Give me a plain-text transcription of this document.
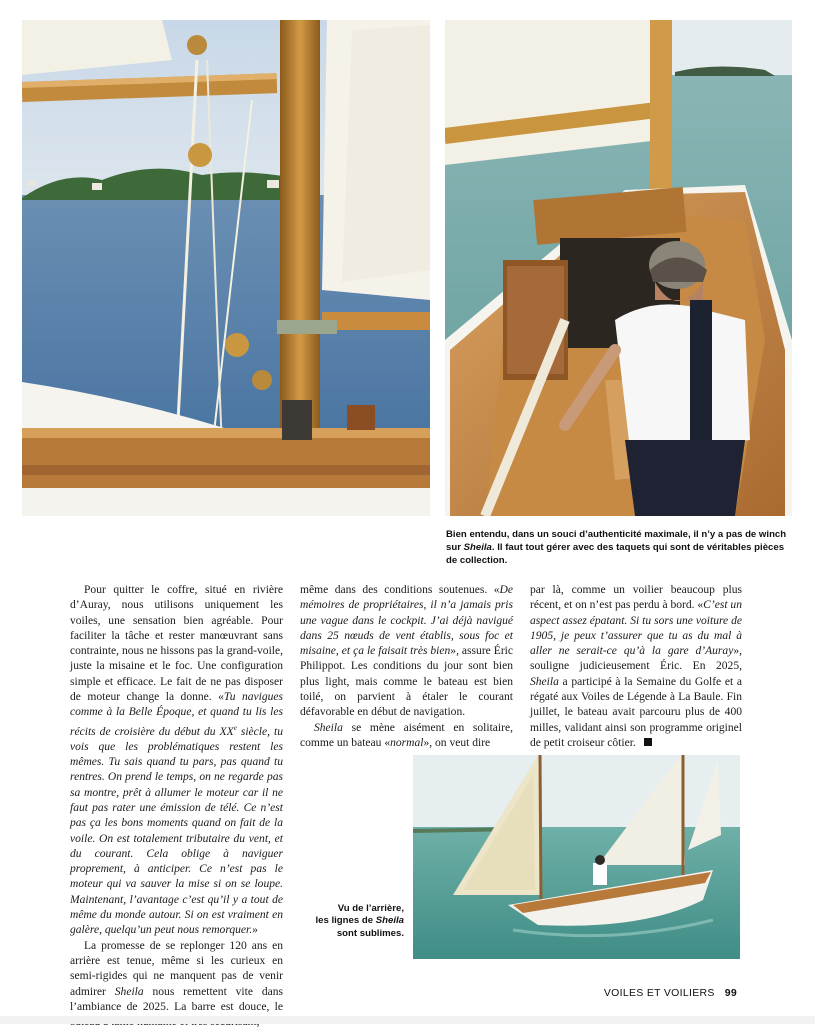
Bien entendu, dans un souci d’authenticité maximale, il n’y a pas de winch sur Sheila. Il faut tout gérer avec des taquets qui sont de véritables pièces de collection.

Pour quitter le coffre, situé en rivière d’Auray, nous utilisons uniquement les voiles, une sensation bien agréable. Pour faciliter la tâche et rester manœuvrant sans contrainte, nous ne hissons pas la grand-voile, juste la misaine et le foc. Une configuration simple et efficace. Le fait de ne pas disposer de moteur change la donne. «Tu navigues comme à la Belle Époque, et quand tu lis les récits de croisière du début du XXe siècle, tu vois que les problématiques restent les mêmes. Tu sais quand tu pars, pas quand tu rentres. On prend le temps, on ne regarde pas sa montre, prêt à allumer le moteur car il ne faut pas rater une émission de télé. Ce n’est pas ça les bons moments quand on fait de la voile. On est totalement tributaire du vent, et du courant. Cela oblige à naviguer proprement, à anticiper. Ce n’est pas le moteur qui va sauver la mise si on se loupe. Maintenant, l’avantage c’est qu’il y a tout de même du monde autour. Si on est vraiment en galère, quelqu’un peut nous remorquer.»

La promesse de se replonger 120 ans en arrière est tenue, même si les curieux en semi-rigides qui ne manquent pas de venir admirer Sheila nous remettent vite dans l’ambiance de 2025. La barre est douce, le

même dans des conditions soutenues. «De mémoires de propriétaires, il n’a jamais pris une vague dans le cockpit. J’ai déjà navigué dans 25 nœuds de vent établis, sous foc et misaine, et ça le faisait très bien», assure Éric Philippot. Les conditions du jour sont bien plus light, mais comme le bateau est bien toilé, on parvient à étaler le courant défavorable en début de navigation.

Sheila se mène aisément en solitaire, comme un bateau «normal», on veut dire

par là, comme un voilier beaucoup plus récent, et on n’est pas perdu à bord. «C’est un aspect assez épatant. Si tu sors une voiture de 1905, je peux t’assurer que tu as du mal à aller ne serait-ce qu’à la gare d’Auray», souligne judicieusement Éric. En 2025, Sheila a participé à la Semaine du Golfe et a régaté aux Voiles de Légende à La Baule. Fin juillet, le bateau avait parcouru plus de 400 milles, validant ainsi son programme originel de petit croiseur côtier.

Vu de l’arrière,
les lignes de Sheila
sont sublimes.
VOILES ET VOILIERS 99
